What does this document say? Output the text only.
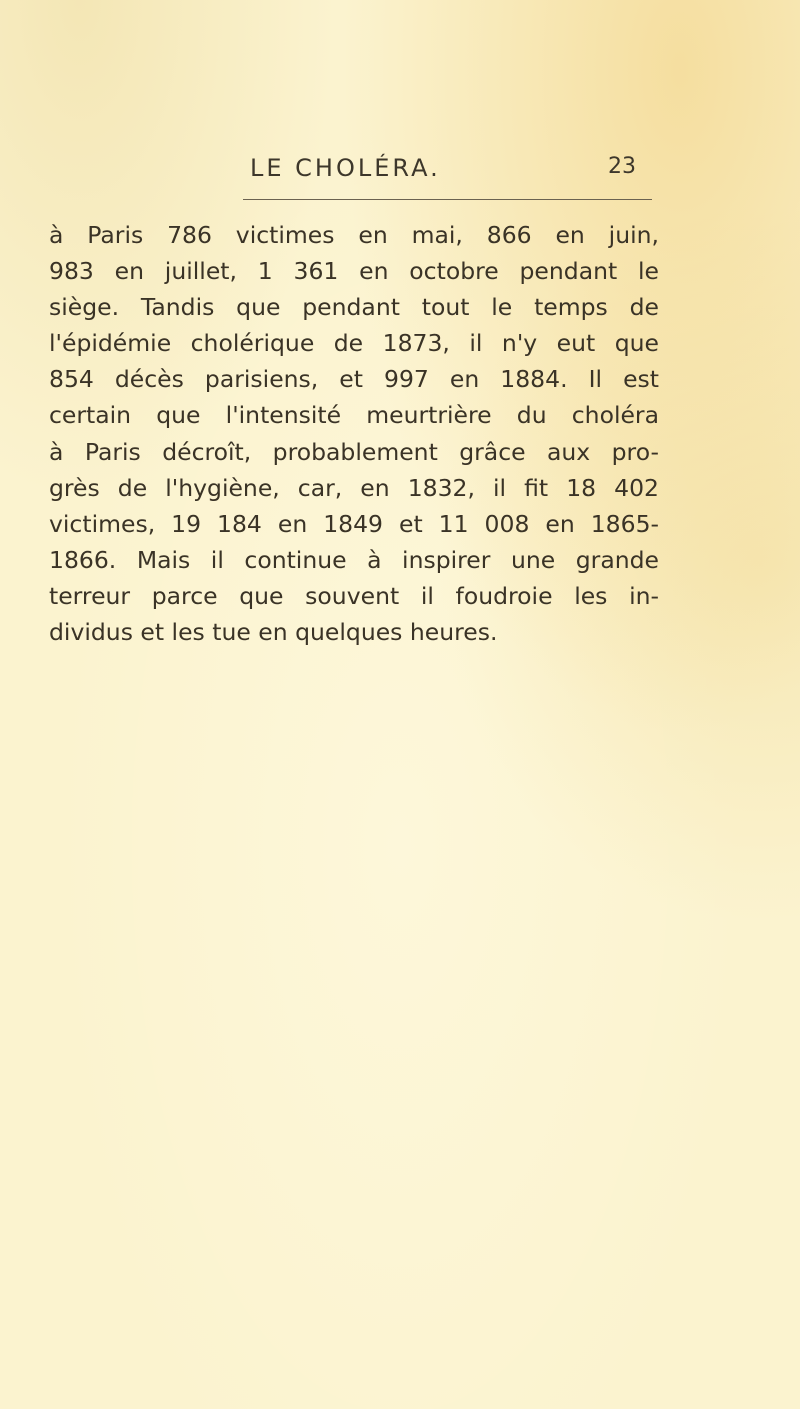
LE CHOLÉRA.	23
à Paris 786 victimes en mai, 866 en juin,
983 en juillet, 1 361 en octobre pendant le
siège. Tandis que pendant tout le temps de
l'épidémie cholérique de 1873, il n'y eut que
854 décès parisiens, et 997 en 1884. Il est
certain que l'intensité meurtrière du choléra
à Paris décroît, probablement grâce aux pro-
grès de l'hygiène, car, en 1832, il fit 18 402
victimes, 19 184 en 1849 et 11 008 en 1865-
1866. Mais il continue à inspirer une grande
terreur parce que souvent il foudroie les in-
dividus et les tue en quelques heures.
